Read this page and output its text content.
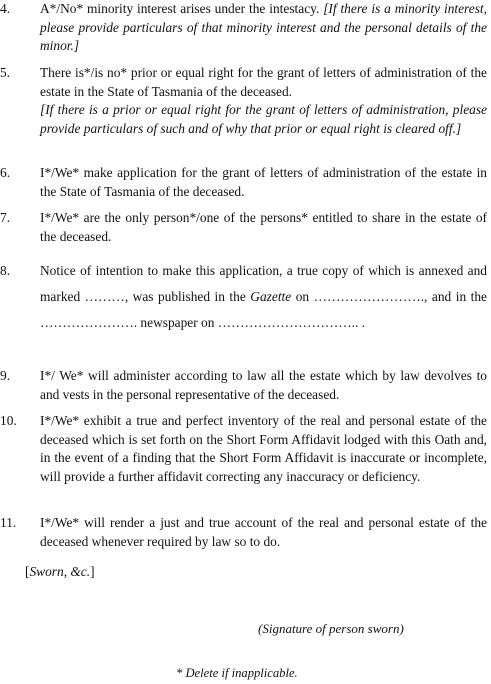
4. A*/No* minority interest arises under the intestacy. [If there is a minority interest, please provide particulars of that minority interest and the personal details of the minor.]
5. There is*/is no* prior or equal right for the grant of letters of administration of the estate in the State of Tasmania of the deceased.
[If there is a prior or equal right for the grant of letters of administration, please provide particulars of such and of why that prior or equal right is cleared off.]
6. I*/We* make application for the grant of letters of administration of the estate in the State of Tasmania of the deceased.
7. I*/We* are the only person*/one of the persons* entitled to share in the estate of the deceased.
8. Notice of intention to make this application, a true copy of which is annexed and marked ………, was published in the Gazette on ……………………., and in the …………………. newspaper on ………………………….. .
9. I*/ We* will administer according to law all the estate which by law devolves to and vests in the personal representative of the deceased.
10. I*/We* exhibit a true and perfect inventory of the real and personal estate of the deceased which is set forth on the Short Form Affidavit lodged with this Oath and, in the event of a finding that the Short Form Affidavit is inaccurate or incomplete, will provide a further affidavit correcting any inaccuracy or deficiency.
11. I*/We* will render a just and true account of the real and personal estate of the deceased whenever required by law so to do.
[Sworn, &c.]
(Signature of person sworn)
* Delete if inapplicable.
